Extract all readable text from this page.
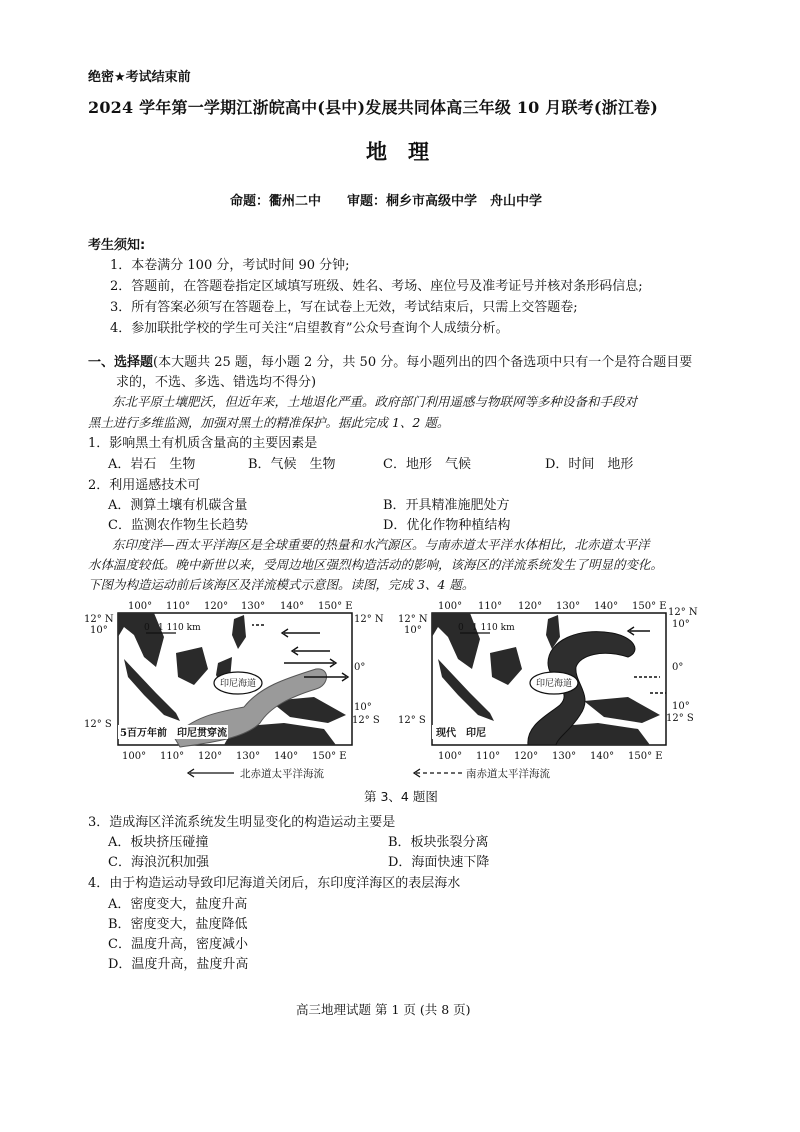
绝密★考试结束前
2024 学年第一学期江浙皖高中(县中)发展共同体高三年级 10 月联考(浙江卷)
地　理
命题：衢州二中　　审题：桐乡市高级中学　舟山中学
考生须知:
1．本卷满分 100 分，考试时间 90 分钟;
2．答题前，在答题卷指定区域填写班级、姓名、考场、座位号及准考证号并核对条形码信息;
3．所有答案必须写在答题卷上，写在试卷上无效，考试结束后，只需上交答题卷;
4．参加联批学校的学生可关注“启望教育”公众号查询个人成绩分析。
一、选择题(本大题共 25 题，每小题 2 分，共 50 分。每小题列出的四个备选项中只有一个是符合题目要
求的，不选、多选、错选均不得分)
东北平原土壤肥沃，但近年来，土地退化严重。政府部门利用遥感与物联网等多种设备和手段对
黑土进行多维监测，加强对黑土的精准保护。据此完成 1、2 题。
1．影响黑土有机质含量高的主要因素是
A．岩石　生物	B．气候　生物	C．地形　气候	D．时间　地形
2．利用遥感技术可
A．测算土壤有机碳含量	B．开具精准施肥处方
C．监测农作物生长趋势	D．优化作物种植结构
东印度洋—西太平洋海区是全球重要的热量和水汽源区。与南赤道太平洋水体相比，北赤道太平洋
水体温度较低。晚中新世以来，受周边地区强烈构造活动的影响，该海区的洋流系统发生了明显的变化。
下图为构造运动前后该海区及洋流模式示意图。读图，完成 3、4 题。
100° 110° 120° 130° 140° 150° E
12° N
10°
12° S
12° N
0°
10°
12° S
0 1 110 km
印尼海道
5百万年前　印尼贯穿流
100° 110° 120° 130° 140° 150° E
北赤道太平洋海流
100° 110° 120° 130° 140° 150° E
12° N
10°
12° S
12° N
10°
0°
10°
12° S
0 1 110 km
印尼海道
现代　印尼
100° 110° 120° 130° 140° 150° E
南赤道太平洋海流
第 3、4 题图
3．造成海区洋流系统发生明显变化的构造运动主要是
A．板块挤压碰撞	B．板块张裂分离
C．海浪沉积加强	D．海面快速下降
4．由于构造运动导致印尼海道关闭后，东印度洋海区的表层海水
A．密度变大，盐度升高
B．密度变大，盐度降低
C．温度升高，密度减小
D．温度升高，盐度升高
高三地理试题 第 1 页 (共 8 页)
